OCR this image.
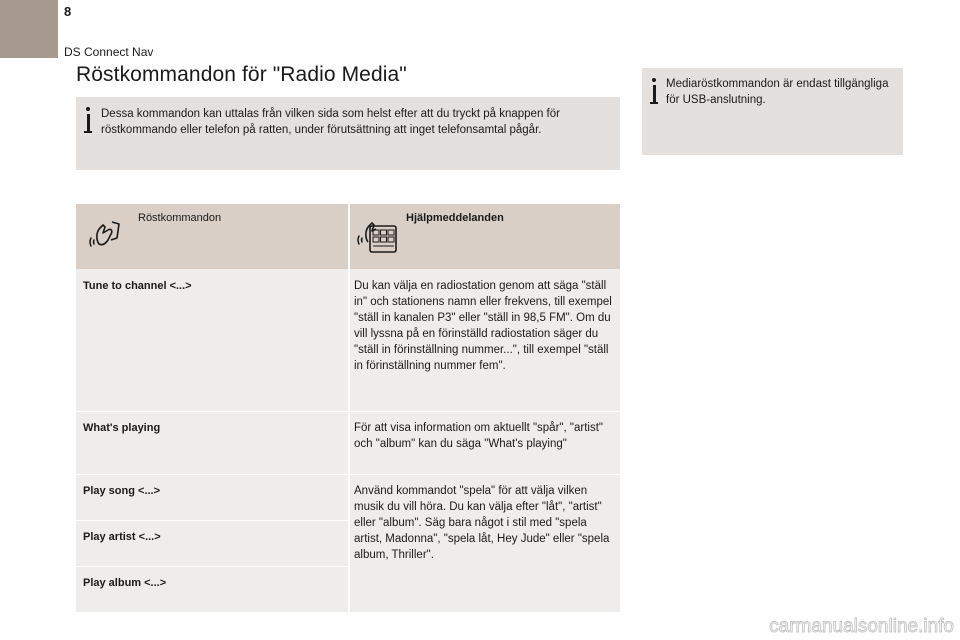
8
DS Connect Nav
Röstkommandon för "Radio Media"
Dessa kommandon kan uttalas från vilken sida som helst efter att du tryckt på knappen för röstkommando eller telefon på ratten, under förutsättning att inget telefonsamtal pågår.
Mediaröstkommandon är endast tillgängliga för USB-anslutning.
Röstkommandon	Hjälpmeddelanden
Tune to channel <...>	Du kan välja en radiostation genom att säga "ställ in" och stationens namn eller frekvens, till exempel "ställ in kanalen P3" eller "ställ in 98,5 FM". Om du vill lyssna på en förinställd radiostation säger du "ställ in förinställning nummer...", till exempel "ställ in förinställning nummer fem".
What's playing	För att visa information om aktuellt "spår", "artist" och "album" kan du säga "What's playing"
Play song <...>	Använd kommandot "spela" för att välja vilken musik du vill höra. Du kan välja efter "låt", "artist" eller "album". Säg bara något i stil med "spela artist, Madonna", "spela låt, Hey Jude" eller "spela album, Thriller".
Play artist <...>
Play album <...>
carmanualsonline.info
